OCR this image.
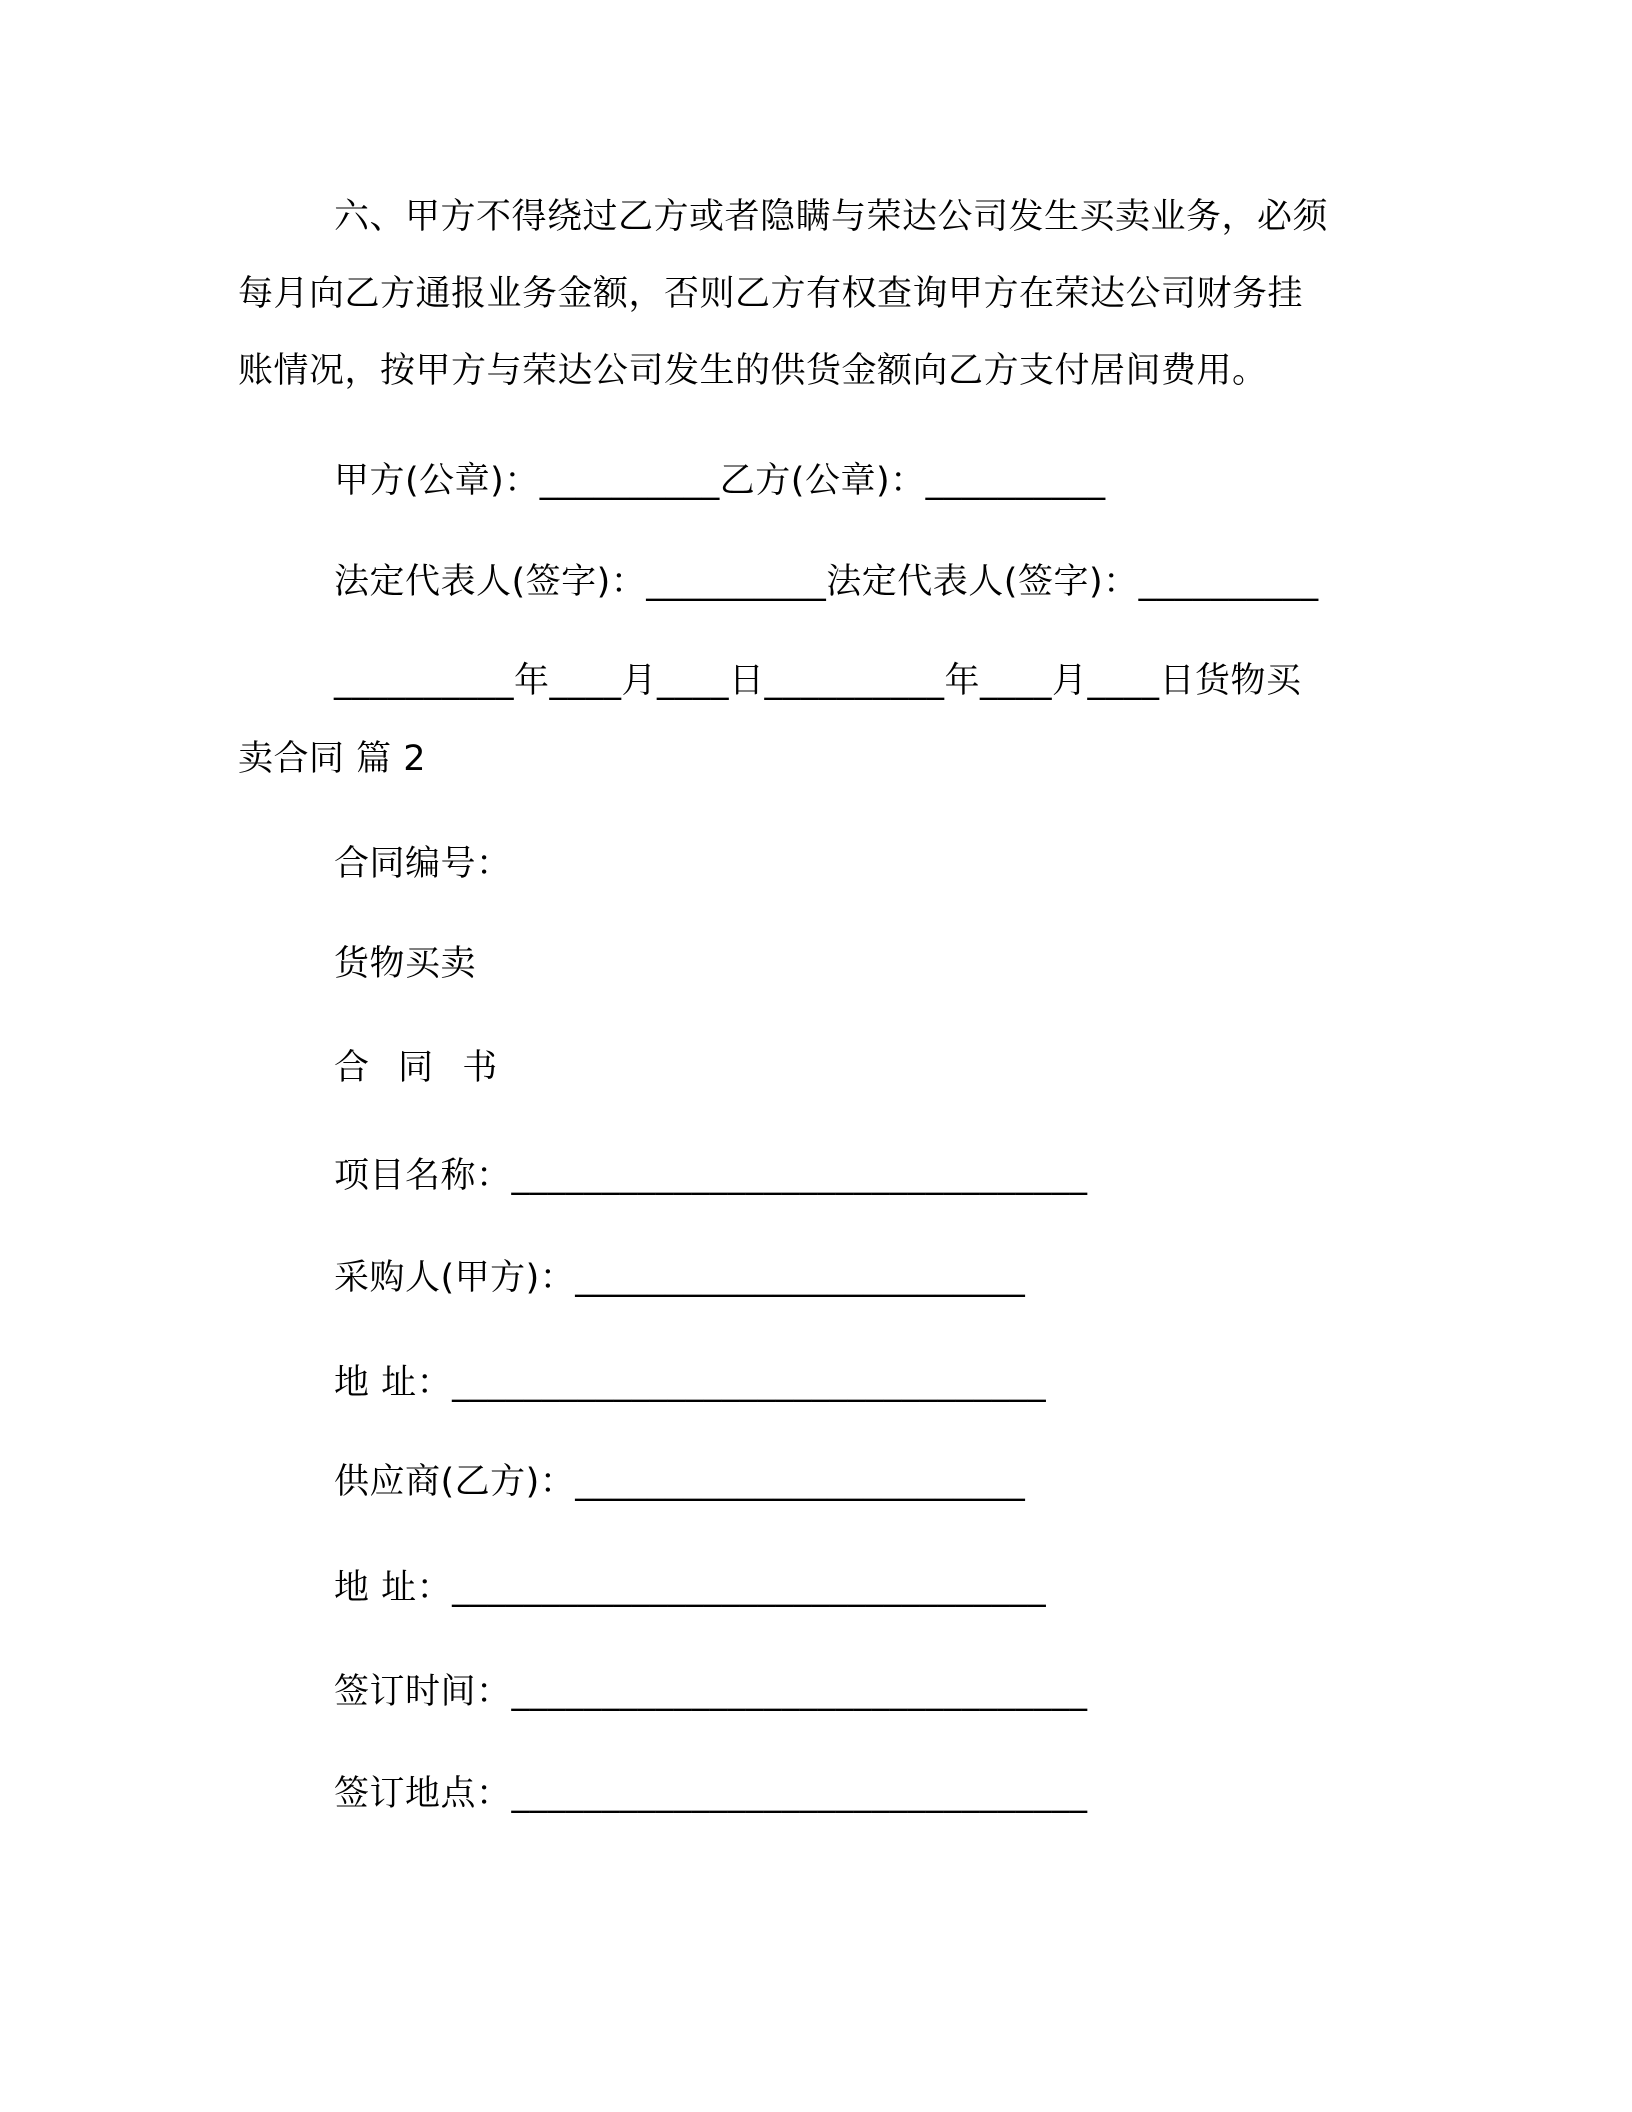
六、甲方不得绕过乙方或者隐瞒与荣达公司发生买卖业务，必须
每月向乙方通报业务金额，否则乙方有权查询甲方在荣达公司财务挂
账情况，按甲方与荣达公司发生的供货金额向乙方支付居间费用。
甲方(公章)：__________乙方(公章)：__________
法定代表人(签字)：__________法定代表人(签字)：__________
__________年____月____日__________年____月____日货物买
卖合同 篇 2
合同编号：
货物买卖
合 同 书
项目名称：________________________________
采购人(甲方)：_________________________
地 址：_________________________________
供应商(乙方)：_________________________
地 址：_________________________________
签订时间：________________________________
签订地点：________________________________
